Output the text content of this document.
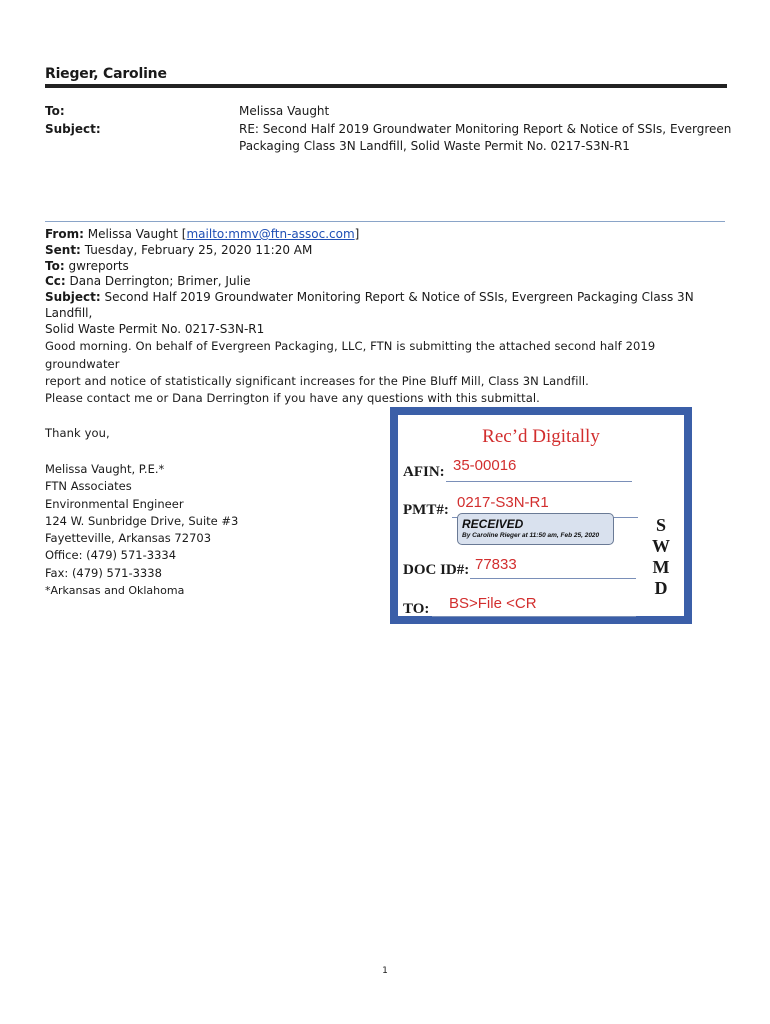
Rieger, Caroline
To:	Melissa Vaught
Subject:	RE: Second Half 2019 Groundwater Monitoring Report & Notice of SSIs, Evergreen
Packaging Class 3N Landfill, Solid Waste Permit No. 0217-S3N-R1
From: Melissa Vaught [mailto:mmv@ftn-assoc.com]
Sent: Tuesday, February 25, 2020 11:20 AM
To: gwreports
Cc: Dana Derrington; Brimer, Julie
Subject: Second Half 2019 Groundwater Monitoring Report & Notice of SSIs, Evergreen Packaging Class 3N Landfill,
Solid Waste Permit No. 0217-S3N-R1
Good morning. On behalf of Evergreen Packaging, LLC, FTN is submitting the attached second half 2019 groundwater
report and notice of statistically significant increases for the Pine Bluff Mill, Class 3N Landfill.
Please contact me or Dana Derrington if you have any questions with this submittal.
Thank you,
Melissa Vaught, P.E.*
FTN Associates
Environmental Engineer
124 W. Sunbridge Drive, Suite #3
Fayetteville, Arkansas 72703
Office: (479) 571-3334
Fax: (479) 571-3338
*Arkansas and Oklahoma
Rec’d Digitally
AFIN: 35-00016
PMT#: 0217-S3N-R1
RECEIVED
By Caroline Rieger at 11:50 am, Feb 25, 2020
DOC ID#: 77833
TO: BS>File <CR
S
W
M
D
1
